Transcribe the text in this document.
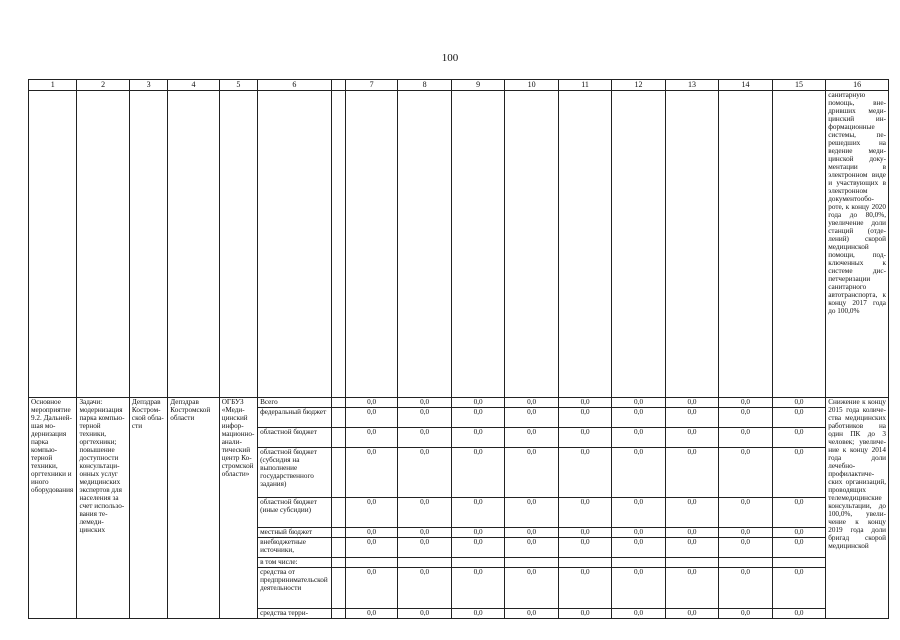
100
1	2	3	4	5	6		7	8	9	10	11	12	13	14	15	16

																санитарную помощь, внедривших медицинский информационные системы, перешедших на ведение медицинской документации в электронном виде и участвующих в электронном документообороте, к концу 2020 года до 80,0%, увеличение доли станций (отделений) скорой медицинской помощи, подключенных к системе диспетчеризации санитарного автотранспорта, к концу 2017 года до 100,0%

Основное мероприятие 9.2. Дальнейшая модернизация парка компьютерной техники, оргтехники и иного оборудования	Задачи: модернизация парка компьютерной техники, оргтехники; повышение доступности консультационных услуг медицинских экспертов для населения за счет использования телемедицинских	Депздрав Костромской области	Депздрав Костромской области	ОГБУЗ «Медицинский информационно-аналитический центр Костромской области»	Всего		0,0	0,0	0,0	0,0	0,0	0,0	0,0	0,0	0,0	Снижение к концу 2015 года количества медицинских работников на один ПК до 3 человек; увеличение к концу 2014 года доли лечебно-профилактических организаций, проводящих телемедицинские консультации, до 100,0%, увеличение к концу 2019 года доли бригад скорой медицинской

					федеральный бюджет		0,0	0,0	0,0	0,0	0,0	0,0	0,0	0,0	0,0	
					областной бюджет		0,0	0,0	0,0	0,0	0,0	0,0	0,0	0,0	0,0	
					областной бюджет (субсидия на выполнение государственного задания)		0,0	0,0	0,0	0,0	0,0	0,0	0,0	0,0	0,0	
					областной бюджет (иные субсидии)		0,0	0,0	0,0	0,0	0,0	0,0	0,0	0,0	0,0	
					местный бюджет		0,0	0,0	0,0	0,0	0,0	0,0	0,0	0,0	0,0	
					внебюджетные источники,		0,0	0,0	0,0	0,0	0,0	0,0	0,0	0,0	0,0	
					в том числе:											
					средства от предпринимательской деятельности		0,0	0,0	0,0	0,0	0,0	0,0	0,0	0,0	0,0	
					средства терри-		0,0	0,0	0,0	0,0	0,0	0,0	0,0	0,0	0,0	
